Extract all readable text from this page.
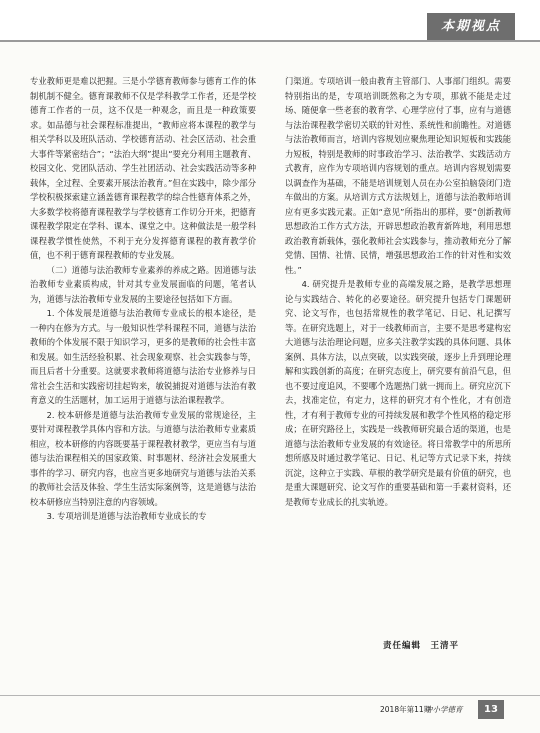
本期视点

专业教师更是难以把握。三是小学德育教师参与德育工作的体制机制不健全。德育课教师不仅是学科教学工作者，还是学校德育工作者的一员，这不仅是一种观念，而且是一种政策要求。如品德与社会课程标准提出，“教师应将本课程的教学与相关学科以及班队活动、学校德育活动、社会区活动、社会重大事件等紧密结合”；“法治大纲”提出“要充分利用主题教育、校园文化、党团队活动、学生社团活动、社会实践活动等多种载体，全过程、全要素开展法治教育。”但在实践中，除少部分学校积极探索建立涵盖德育课程教学的综合性德育体系之外，大多数学校将德育课程教学与学校德育工作切分开来，把德育课程教学限定在学科、课本、课堂之中。这种做法是一般学科课程教学惯性使然，不利于充分发挥德育课程的教育教学价值，也不利于德育课程教师的专业发展。

（二）道德与法治教师专业素养的养成之路。因道德与法治教师专业素质构成，针对其专业发展面临的问题，笔者认为，道德与法治教师专业发展的主要途径包括如下方面。

1. 个体发展是道德与法治教师专业成长的根本途径，是一种内在修为方式。与一般知识性学科课程不同，道德与法治教师的个体发展不限于知识学习，更多的是教师的社会性丰富和发展。如生活经验积累、社会现象观察、社会实践参与等，而且后者十分重要。这就要求教师将道德与法治专业修养与日常社会生活和实践密切挂起钩来，敏锐捕捉对道德与法治有教育意义的生活题材，加工运用于道德与法治课程教学。

2. 校本研修是道德与法治教师专业发展的常规途径，主要针对课程教学具体内容和方法。与道德与法治教师专业素质相应，校本研修的内容既要基于课程教材教学，更应当有与道德与法治课程相关的国家政策、时事题材、经济社会发展重大事件的学习、研究内容，也应当更多地研究与道德与法治关系的教师社会活及体验、学生生活实际案例等，这是道德与法治校本研修应当特别注意的内容领域。

3. 专项培训是道德与法治教师专业成长的专

门渠道。专项培训一般由教育主管部门、人事部门组织。需要特别指出的是，专项培训既然称之为专项，那就不能是走过场、随便拿一些老套的教育学、心理学应付了事，应有与道德与法治课程教学密切关联的针对性、系统性和前瞻性。对道德与法治教师而言，培训内容规划应聚焦理论知识短板和实践能力短板，特别是教师的时事政治学习、法治教学、实践活动方式教育，应作为专项培训内容规划的重点。培训内容规划需要以调查作为基础，不能是培训规划人员在办公室拍脑袋闭门造车做出的方案。从培训方式方法规划上，道德与法治教师培训应有更多实践元素。正如“意见”所指出的那样，要“创新教师思想政治工作方式方法，开辟思想政治教育新阵地，利用思想政治教育新载体，强化教师社会实践参与，推动教师充分了解党情、国情、社情、民情，增强思想政治工作的针对性和实效性。”

4. 研究提升是教师专业的高端发展之路，是教学思想理论与实践结合、转化的必要途径。研究提升包括专门课题研究、论文写作，也包括常规性的教学笔记、日记、札记撰写等。在研究选题上，对于一线教师而言，主要不是思考建构宏大道德与法治理论问题，应多关注教学实践的具体问题、具体案例、具体方法，以点突破，以实践突破，逐步上升到理论理解和实践创新的高度；在研究态度上，研究要有前沿气息，但也不要过度追风，不要哪个选题热门就一拥而上。研究应沉下去，找准定位，有定力，这样的研究才有个性化，才有创造性，才有利于教师专业的可持续发展和教学个性风格的稳定形成；在研究路径上，实践是一线教师研究最合适的渠道，也是道德与法治教师专业发展的有效途径。将日常教学中的所思所想所感及时通过教学笔记、日记、札记等方式记录下来，持续沉淀，这种立于实践、草根的教学研究是最有价值的研究，也是重大课题研究、论文写作的重要基础和第一手素材资料，还是教师专业成长的扎实轨迹。

责任编辑　王清平
2018年第11期
中小学德育	13
